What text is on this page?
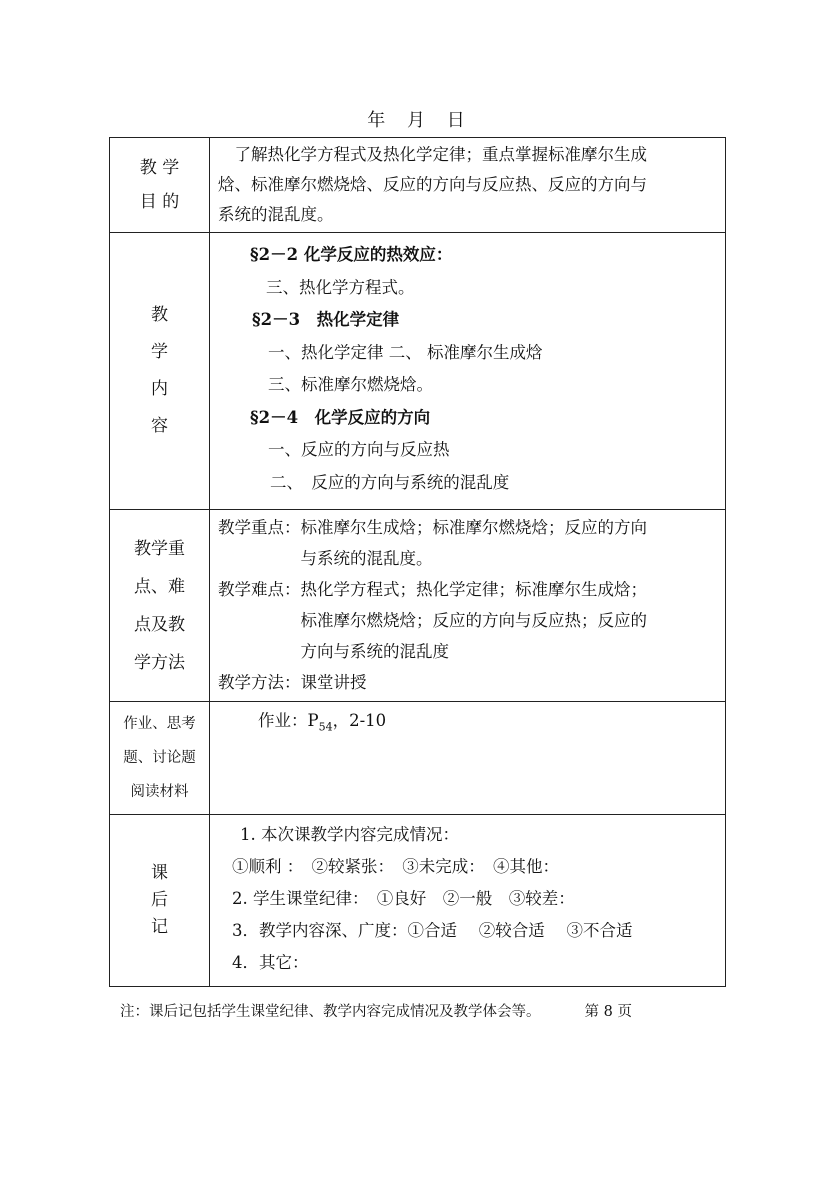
年 月 日
教 学
目 的
　了解热化学方程式及热化学定律；重点掌握标准摩尔生成
焓、标准摩尔燃烧焓、反应的方向与反应热、反应的方向与
系统的混乱度。
教
学
内
容
§2－2 化学反应的热效应：
三、热化学方程式。
§2－3　热化学定律
一、热化学定律 二、 标准摩尔生成焓
三、标准摩尔燃烧焓。
§2－4　化学反应的方向
一、反应的方向与反应热
二、　反应的方向与系统的混乱度
教学重
点、难
点及教
学方法
教学重点： 标准摩尔生成焓；标准摩尔燃烧焓；反应的方向
与系统的混乱度。
教学难点： 热化学方程式；热化学定律；标准摩尔生成焓；
标准摩尔燃烧焓；反应的方向与反应热；反应的
方向与系统的混乱度
教学方法： 课堂讲授
作业、思考
题、讨论题
阅读材料
作业：$P_{54}$，2-10
课
后
记
1. 本次课教学内容完成情况：
①顺利 ：　②较紧张：　③未完成：　④其他：
2. 学生课堂纪律：　①良好　②一般　③较差：
3．教学内容深、广度：①合适　 ②较合适　 ③不合适
4．其它：
注：课后记包括学生课堂纪律、教学内容完成情况及教学体会等。	第 8 页
